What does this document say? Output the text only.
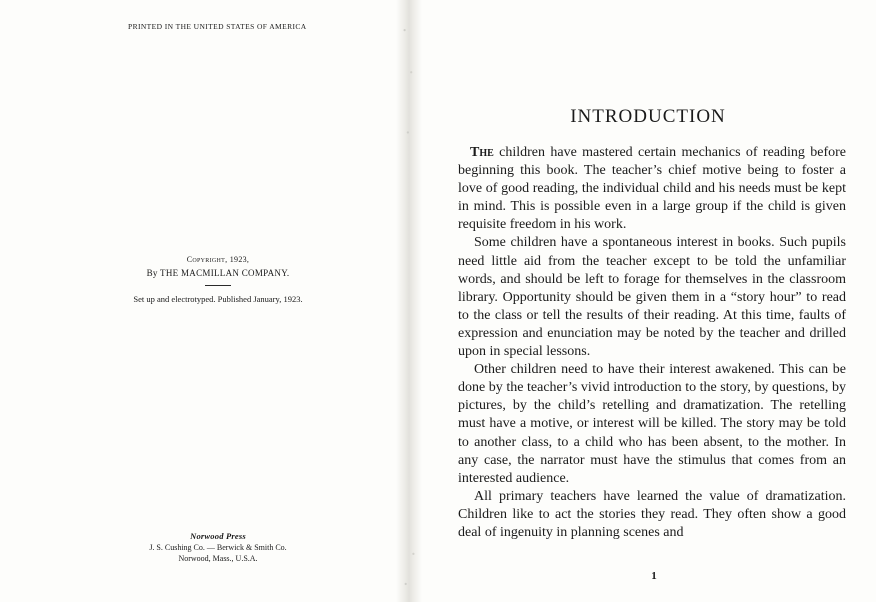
PRINTED IN THE UNITED STATES OF AMERICA
Copyright, 1923,
By THE MACMILLAN COMPANY.
Set up and electrotyped. Published January, 1923.
Norwood Press
J. S. Cushing Co. — Berwick & Smith Co.
Norwood, Mass., U.S.A.
INTRODUCTION

The children have mastered certain mechanics of reading before beginning this book. The teacher’s chief motive being to foster a love of good reading, the individual child and his needs must be kept in mind. This is possible even in a large group if the child is given requisite freedom in his work.

Some children have a spontaneous interest in books. Such pupils need little aid from the teacher except to be told the unfamiliar words, and should be left to forage for themselves in the classroom library. Opportunity should be given them in a “story hour” to read to the class or tell the results of their reading. At this time, faults of expression and enunciation may be noted by the teacher and drilled upon in special lessons.

Other children need to have their interest awakened. This can be done by the teacher’s vivid introduction to the story, by questions, by pictures, by the child’s retelling and dramatization. The retelling must have a motive, or interest will be killed. The story may be told to another class, to a child who has been absent, to the mother. In any case, the narrator must have the stimulus that comes from an interested audience.

All primary teachers have learned the value of dramatization. Children like to act the stories they read. They often show a good deal of ingenuity in planning scenes and

1
